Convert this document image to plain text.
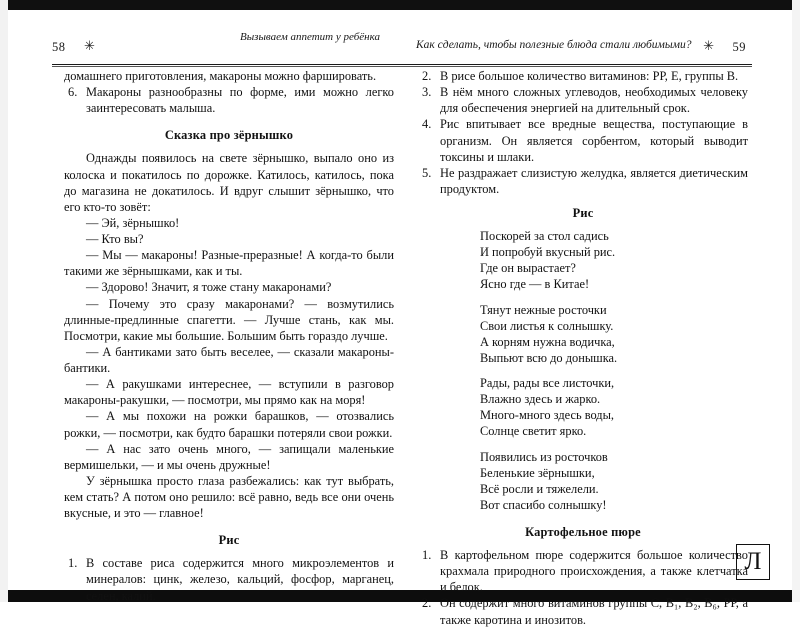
58 ✳
Вызываем аппетит у ребёнка
Как сделать, чтобы полезные блюда стали любимыми? ✳ 59

домашнего приготовления, макароны можно фаршировать.

Макароны разнообразны по форме, ими можно легко заинтересовать малыша.
Сказка про зёрнышко

Однажды появилось на свете зёрнышко, выпало оно из колоска и покатилось по дорожке. Катилось, катилось, пока до магазина не докатилось. И вдруг слышит зёрнышко, что его кто-то зовёт:

— Эй, зёрнышко!

— Кто вы?

— Мы — макароны! Разные-преразные! А когда-то были такими же зёрнышками, как и ты.

— Здорово! Значит, я тоже стану макаронами?

— Почему это сразу макаронами? — возмутились длинные-предлинные спагетти. — Лучше стань, как мы. Посмотри, какие мы большие. Большим быть гораздо лучше.

— А бантиками зато быть веселее, — сказали макароны-бантики.

— А ракушками интереснее, — вступили в разговор макароны-ракушки, — посмотри, мы прямо как на моря!

— А мы похожи на рожки барашков, — отозвались рожки, — посмотри, как будто барашки потеряли свои рожки.

— А нас зато очень много, — запищали маленькие вермишельки, — и мы очень дружные!

У зёрнышка просто глаза разбежались: как тут выбрать, кем стать? А потом оно решило: всё равно, ведь все они очень вкусные, и это — главное!

Рис
В составе риса содержится много микроэлементов и минералов: цинк, железо, кальций, фосфор, марганец, селен, калий.
В рисе большое количество витаминов: РР, Е, группы В.
В нём много сложных углеводов, необходимых человеку для обеспечения энергией на длительный срок.
Рис впитывает все вредные вещества, поступающие в организм. Он является сорбентом, который выводит токсины и шлаки.
Не раздражает слизистую желудка, является диетическим продуктом.
Рис
Поскорей за стол садись
И попробуй вкусный рис.
Где он вырастает?
Ясно где — в Китае!
Тянут нежные росточки
Свои листья к солнышку.
А корням нужна водичка,
Выпьют всю до донышка.
Рады, рады все листочки,
Влажно здесь и жарко.
Много-много здесь воды,
Солнце светит ярко.
Появились из росточков
Беленькие зёрнышки,
Всё росли и тяжелели.
Вот спасибо солнышку!
Картофельное пюре
В картофельном пюре содержится большое количество крахмала природного происхождения, а также клетчатка и белок.
Он содержит много витаминов группы С, В₁, В₂, В₆, РР, а также каротина и инозитов.
Л
